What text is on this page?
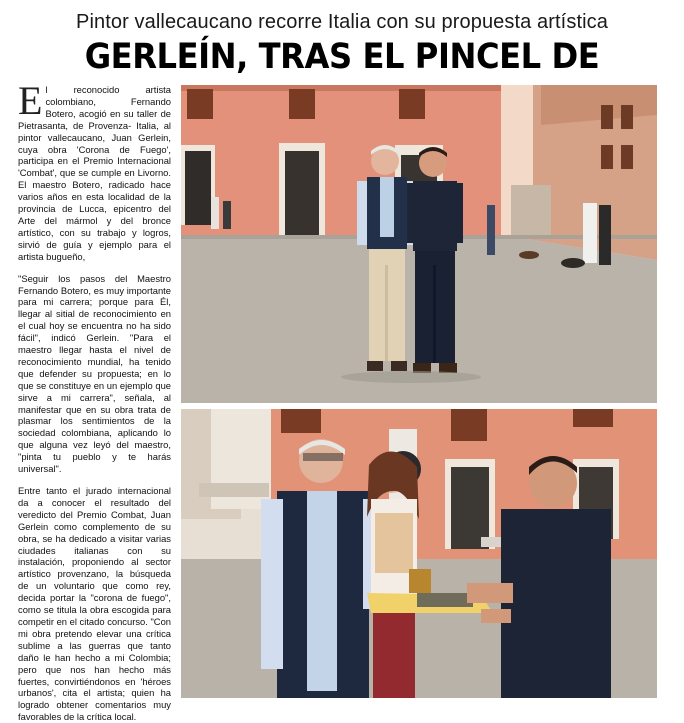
Pintor vallecaucano recorre Italia con su propuesta artística
GERLEÍN, TRAS EL PINCEL DE
E l reconocido artista colombiano, Fernando Botero, acogió en su taller de Pietrasanta, de Provenza- Italia, al pintor vallecaucano, Juan Gerlein, cuya obra 'Corona de Fuego', participa en el Premio Internacional 'Combat', que se cumple en Livorno. El maestro Botero, radicado hace varios años en esta localidad de la provincia de Lucca, epicentro del Arte del mármol y del bronce artístico, con su trabajo y logros, sirvió de guía y ejemplo para el artista bugueño,

"Seguir los pasos del Maestro Fernando Botero, es muy importante para mi carrera; porque para Él, llegar al sitial de reconocimiento en el cual hoy se encuentra no ha sido fácil", indicó Gerlein. "Para el maestro llegar hasta el nivel de reconocimiento mundial, ha tenido que defender su propuesta; en lo que se constituye en un ejemplo que sirve a mi carrera", señala, al manifestar que en su obra trata de plasmar los sentimientos de la sociedad colombiana, aplicando lo que alguna vez leyó del maestro, "pinta tu pueblo y te harás universal".

Entre tanto el jurado internacional da a conocer el resultado del veredicto del Premio Combat, Juan Gerlein como complemento de su obra, se ha dedicado a visitar varias ciudades italianas con su instalación, proponiendo al sector artístico provenzano, la búsqueda de un voluntario que como rey, decida portar la "corona de fuego", como se titula la obra escogida para competir en el citado concurso. "Con mi obra pretendo elevar una crítica sublime a las guerras que tanto daño le han hecho a mi Colombia; pero que nos han hecho más fuertes, convirtiéndonos en 'héroes urbanos', cita el artista; quien ha logrado obtener comentarios muy favorables de la crítica local.
